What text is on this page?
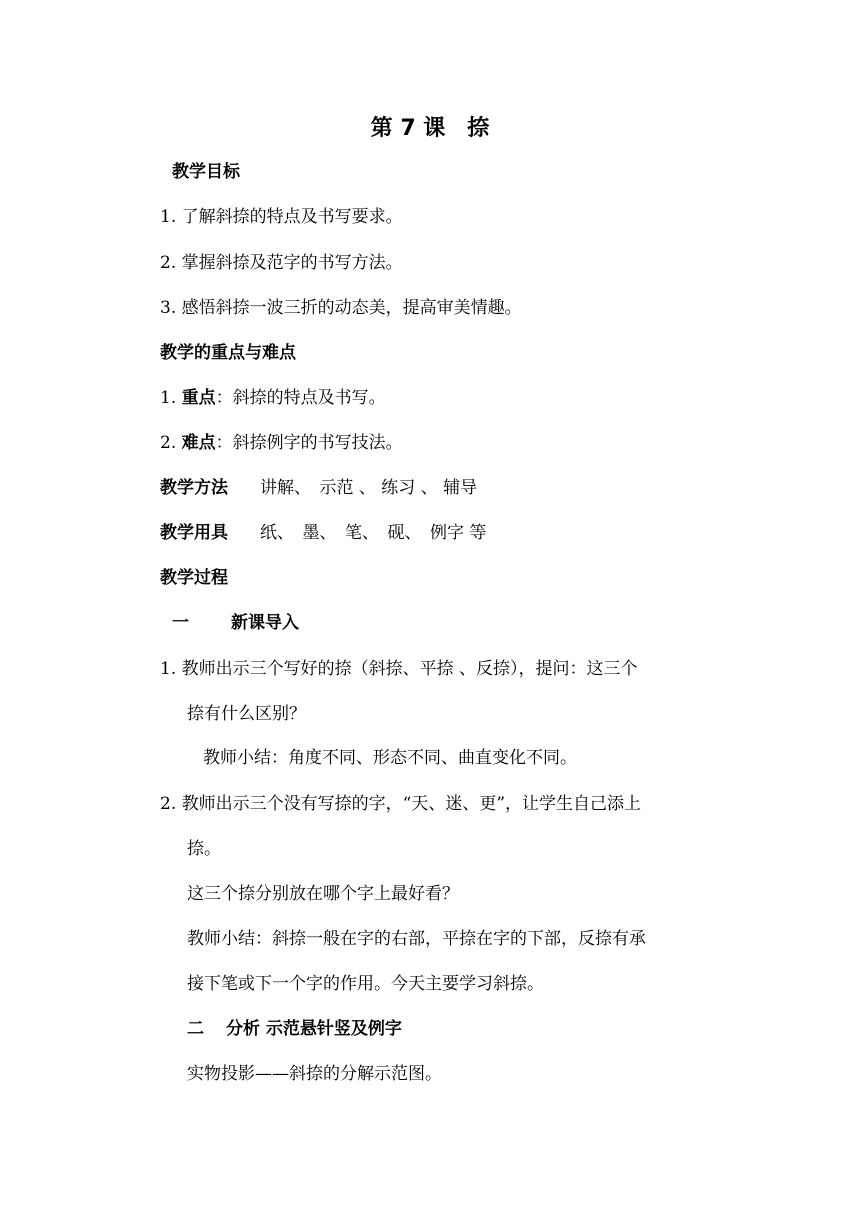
第 7 课　捺
教学目标
1. 了解斜捺的特点及书写要求。
2. 掌握斜捺及范字的书写方法。
3. 感悟斜捺一波三折的动态美，提高审美情趣。
教学的重点与难点
1. 重点：斜捺的特点及书写。
2. 难点：斜捺例字的书写技法。
教学方法 讲解、　示范 、 练习 、 辅导
教学用具 纸、　墨、　笔、　砚、　例字 等
教学过程
一 新课导入
1. 教师出示三个写好的捺（斜捺、平捺 、反捺），提问：这三个
捺有什么区别？
教师小结：角度不同、形态不同、曲直变化不同。
2. 教师出示三个没有写捺的字，“天、迷、更”，让学生自己添上
捺。
这三个捺分别放在哪个字上最好看？
教师小结：斜捺一般在字的右部，平捺在字的下部，反捺有承
接下笔或下一个字的作用。今天主要学习斜捺。
二 分析 示范悬针竖及例字
实物投影——斜捺的分解示范图。
